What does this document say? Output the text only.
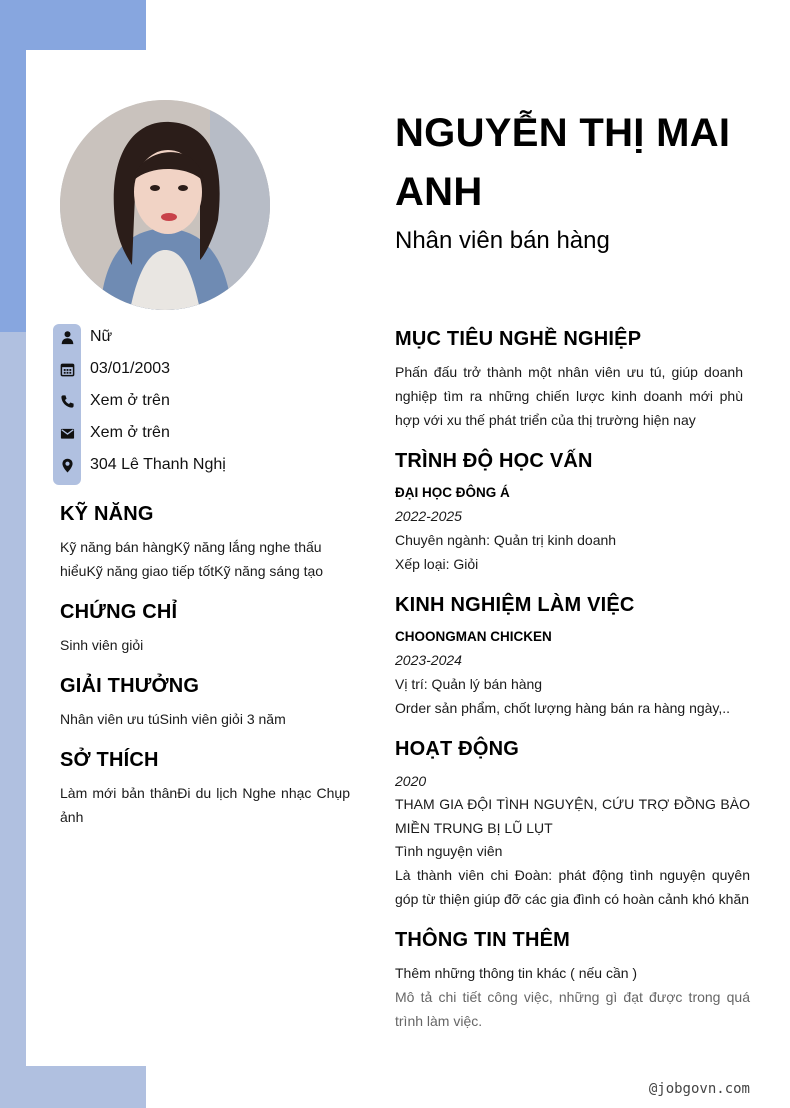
NGUYỄN THỊ MAI ANH
Nhân viên bán hàng
Nữ
03/01/2003
Xem ở trên
Xem ở trên
304 Lê Thanh Nghị
KỸ NĂNG
Kỹ năng bán hàngKỹ năng lắng nghe thấu hiểuKỹ năng giao tiếp tốtKỹ năng sáng tạo
CHỨNG CHỈ
Sinh viên giỏi
GIẢI THƯỞNG
Nhân viên ưu túSinh viên giỏi 3 năm
SỞ THÍCH
Làm mới bản thânĐi du lịch Nghe nhạc Chụp ảnh
MỤC TIÊU NGHỀ NGHIỆP
Phấn đấu trở thành một nhân viên ưu tú, giúp doanh nghiệp tìm ra những chiến lược kinh doanh mới phù hợp với xu thế phát triển của thị trường hiện nay
TRÌNH ĐỘ HỌC VẤN
ĐẠI HỌC ĐÔNG Á
2022-2025
Chuyên ngành: Quản trị kinh doanh
Xếp loại: Giỏi
KINH NGHIỆM LÀM VIỆC
CHOONGMAN CHICKEN
2023-2024
Vị trí: Quản lý bán hàng
Order sản phẩm, chốt lượng hàng bán ra hàng ngày,..
HOẠT ĐỘNG
2020
THAM GIA ĐỘI TÌNH NGUYỆN, CỨU TRỢ ĐỒNG BÀO MIỀN TRUNG BỊ LŨ LỤT
Tình nguyện viên
Là thành viên chi Đoàn: phát động tình nguyện quyên góp từ thiện giúp đỡ các gia đình có hoàn cảnh khó khăn
THÔNG TIN THÊM
Thêm những thông tin khác ( nếu cần )
Mô tả chi tiết công việc, những gì đạt được trong quá trình làm việc.
@jobgovn.com
